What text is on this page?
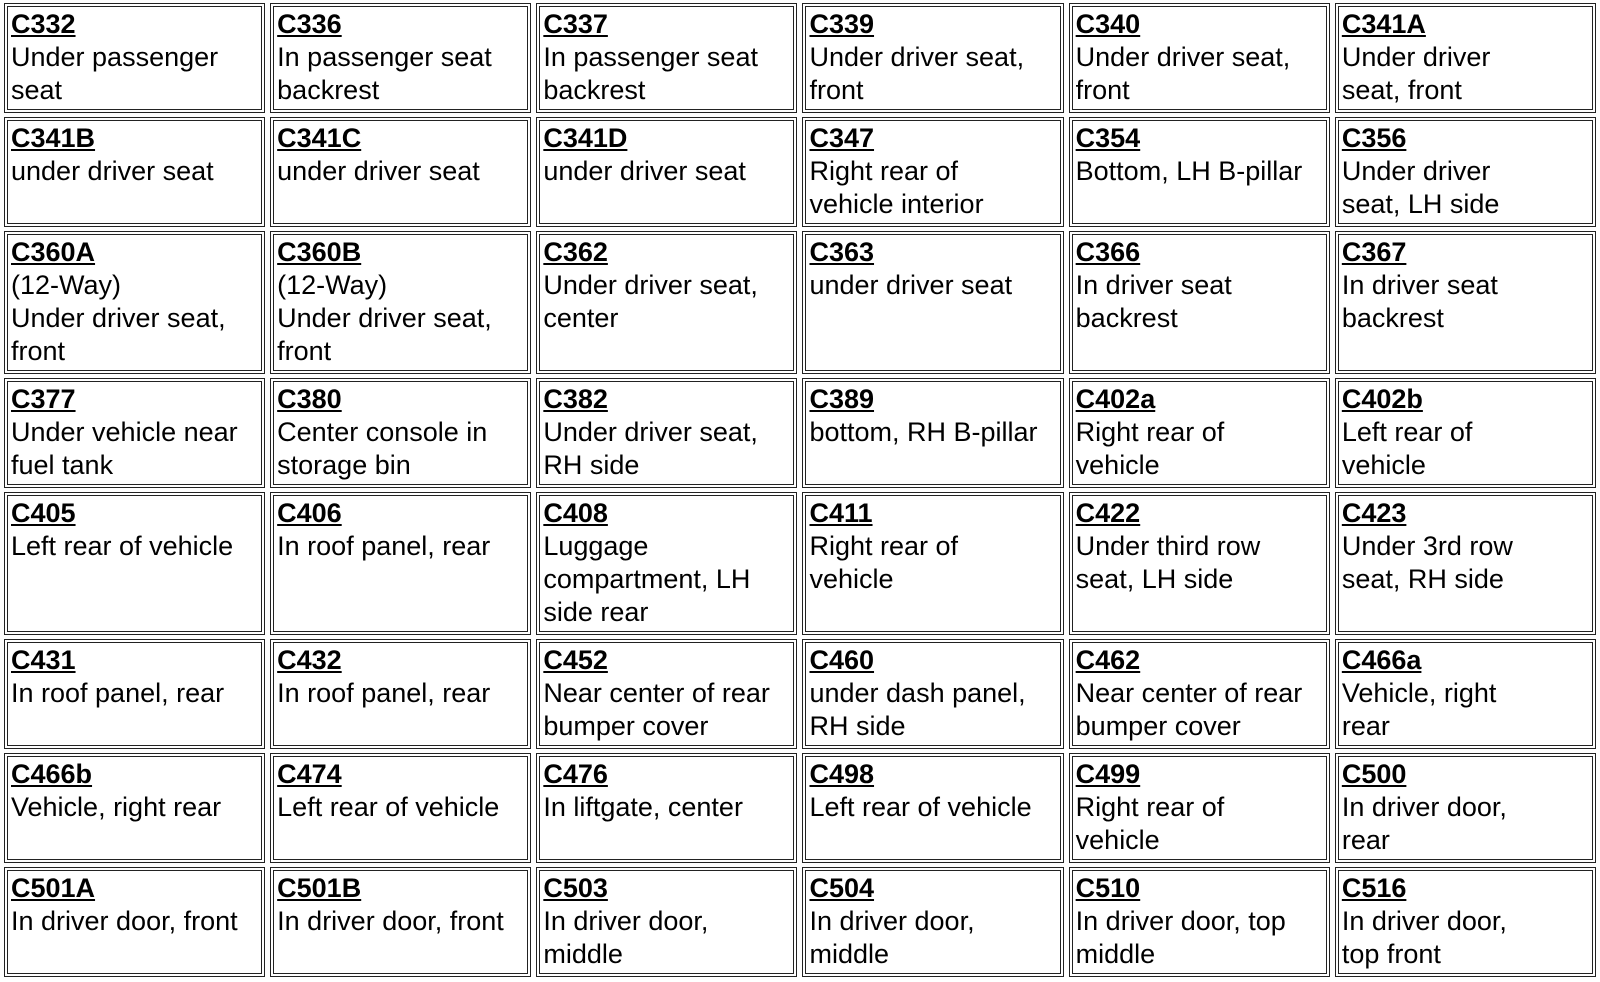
C332
Under passenger
seat
C336
In passenger seat
backrest
C337
In passenger seat
backrest
C339
Under driver seat,
front
C340
Under driver seat,
front
C341A
Under driver
seat, front
C341B
under driver seat
C341C
under driver seat
C341D
under driver seat
C347
Right rear of
vehicle interior
C354
Bottom, LH B-pillar
C356
Under driver
seat, LH side
C360A
(12-Way)
Under driver seat,
front
C360B
(12-Way)
Under driver seat,
front
C362
Under driver seat,
center
C363
under driver seat
C366
In driver seat
backrest
C367
In driver seat
backrest
C377
Under vehicle near
fuel tank
C380
Center console in
storage bin
C382
Under driver seat,
RH side
C389
bottom, RH B-pillar
C402a
Right rear of
vehicle
C402b
Left rear of
vehicle
C405
Left rear of vehicle
C406
In roof panel, rear
C408
Luggage
compartment, LH
side rear
C411
Right rear of
vehicle
C422
Under third row
seat, LH side
C423
Under 3rd row
seat, RH side
C431
In roof panel, rear
C432
In roof panel, rear
C452
Near center of rear
bumper cover
C460
under dash panel,
RH side
C462
Near center of rear
bumper cover
C466a
Vehicle, right
rear
C466b
Vehicle, right rear
C474
Left rear of vehicle
C476
In liftgate, center
C498
Left rear of vehicle
C499
Right rear of
vehicle
C500
In driver door,
rear
C501A
In driver door, front
C501B
In driver door, front
C503
In driver door,
middle
C504
In driver door,
middle
C510
In driver door, top
middle
C516
In driver door,
top front
